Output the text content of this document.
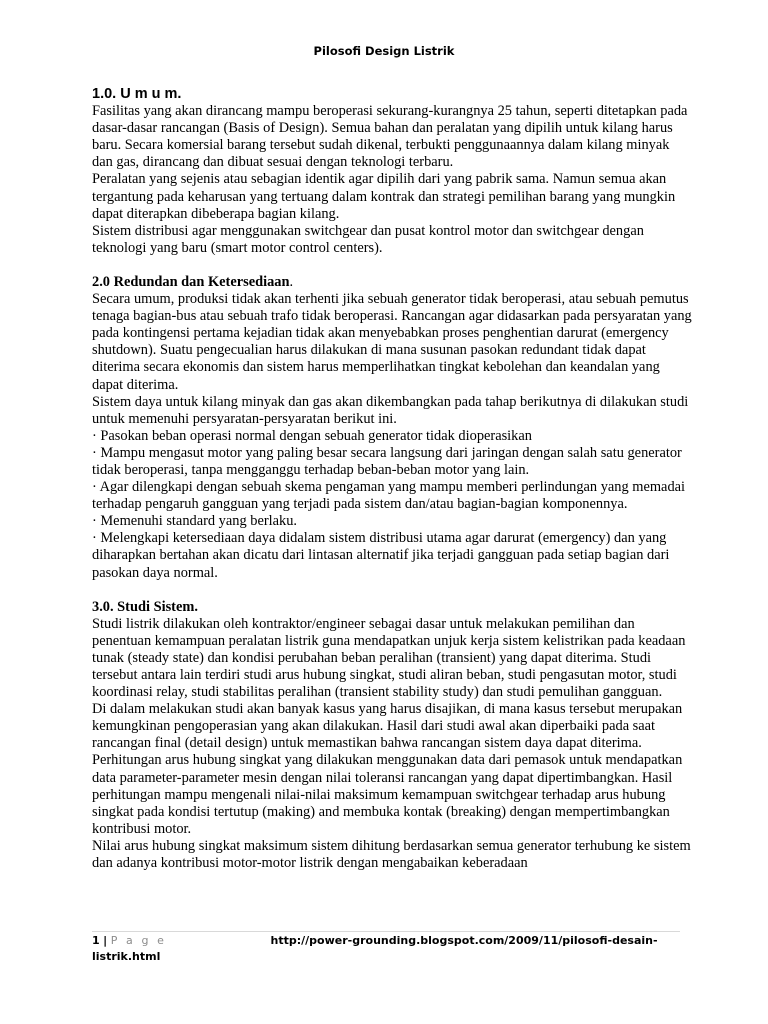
Pilosofi Design Listrik

1.0. U m u m.

Fasilitas yang akan dirancang mampu beroperasi sekurang-kurangnya 25 tahun, seperti ditetapkan pada dasar-dasar rancangan (Basis of Design). Semua bahan dan peralatan yang dipilih untuk kilang harus baru. Secara komersial barang tersebut sudah dikenal, terbukti penggunaannya dalam kilang minyak dan gas, dirancang dan dibuat sesuai dengan teknologi terbaru.

Peralatan yang sejenis atau sebagian identik agar dipilih dari yang pabrik sama. Namun semua akan tergantung pada keharusan yang tertuang dalam kontrak dan strategi pemilihan barang yang mungkin dapat diterapkan dibeberapa bagian kilang.

Sistem distribusi agar menggunakan switchgear dan pusat kontrol motor dan switchgear dengan teknologi yang baru (smart motor control centers).

2.0 Redundan dan Ketersediaan.

Secara umum, produksi tidak akan terhenti jika sebuah generator tidak beroperasi, atau sebuah pemutus tenaga bagian-bus atau sebuah trafo tidak beroperasi. Rancangan agar didasarkan pada persyaratan yang pada kontingensi pertama kejadian tidak akan menyebabkan proses penghentian darurat (emergency shutdown). Suatu pengecualian harus dilakukan di mana susunan pasokan redundant tidak dapat diterima secara ekonomis dan sistem harus memperlihatkan tingkat kebolehan dan keandalan yang dapat diterima.

Sistem daya untuk kilang minyak dan gas akan dikembangkan pada tahap berikutnya di dilakukan studi untuk memenuhi persyaratan-persyaratan berikut ini.

· Pasokan beban operasi normal dengan sebuah generator tidak dioperasikan

· Mampu mengasut motor yang paling besar secara langsung dari jaringan dengan salah satu generator tidak beroperasi, tanpa mengganggu terhadap beban-beban motor yang lain.

· Agar dilengkapi dengan sebuah skema pengaman yang mampu memberi perlindungan yang memadai terhadap pengaruh gangguan yang terjadi pada sistem dan/atau bagian-bagian komponennya.

· Memenuhi standard yang berlaku.

· Melengkapi ketersediaan daya didalam sistem distribusi utama agar darurat (emergency) dan yang diharapkan bertahan akan dicatu dari lintasan alternatif jika terjadi gangguan pada setiap bagian dari pasokan daya normal.

3.0. Studi Sistem.

Studi listrik dilakukan oleh kontraktor/engineer sebagai dasar untuk melakukan pemilihan dan penentuan kemampuan peralatan listrik guna mendapatkan unjuk kerja sistem kelistrikan pada keadaan tunak (steady state) dan kondisi perubahan beban peralihan (transient) yang dapat diterima. Studi tersebut antara lain terdiri studi arus hubung singkat, studi aliran beban, studi pengasutan motor, studi koordinasi relay, studi stabilitas peralihan (transient stability study) dan studi pemulihan gangguan.

Di dalam melakukan studi akan banyak kasus yang harus disajikan, di mana kasus tersebut merupakan kemungkinan pengoperasian yang akan dilakukan. Hasil dari studi awal akan diperbaiki pada saat rancangan final (detail design) untuk memastikan bahwa rancangan sistem daya dapat diterima.

Perhitungan arus hubung singkat yang dilakukan menggunakan data dari pemasok untuk mendapatkan data parameter-parameter mesin dengan nilai toleransi rancangan yang dapat dipertimbangkan. Hasil perhitungan mampu mengenali nilai-nilai maksimum kemampuan switchgear terhadap arus hubung singkat pada kondisi tertutup (making) and membuka kontak (breaking) dengan mempertimbangkan kontribusi motor.

Nilai arus hubung singkat maksimum sistem dihitung berdasarkan semua generator terhubung ke sistem dan adanya kontribusi motor-motor listrik dengan mengabaikan keberadaan

1 | P a g e	http://power-grounding.blogspot.com/2009/11/pilosofi-desain-listrik.html
